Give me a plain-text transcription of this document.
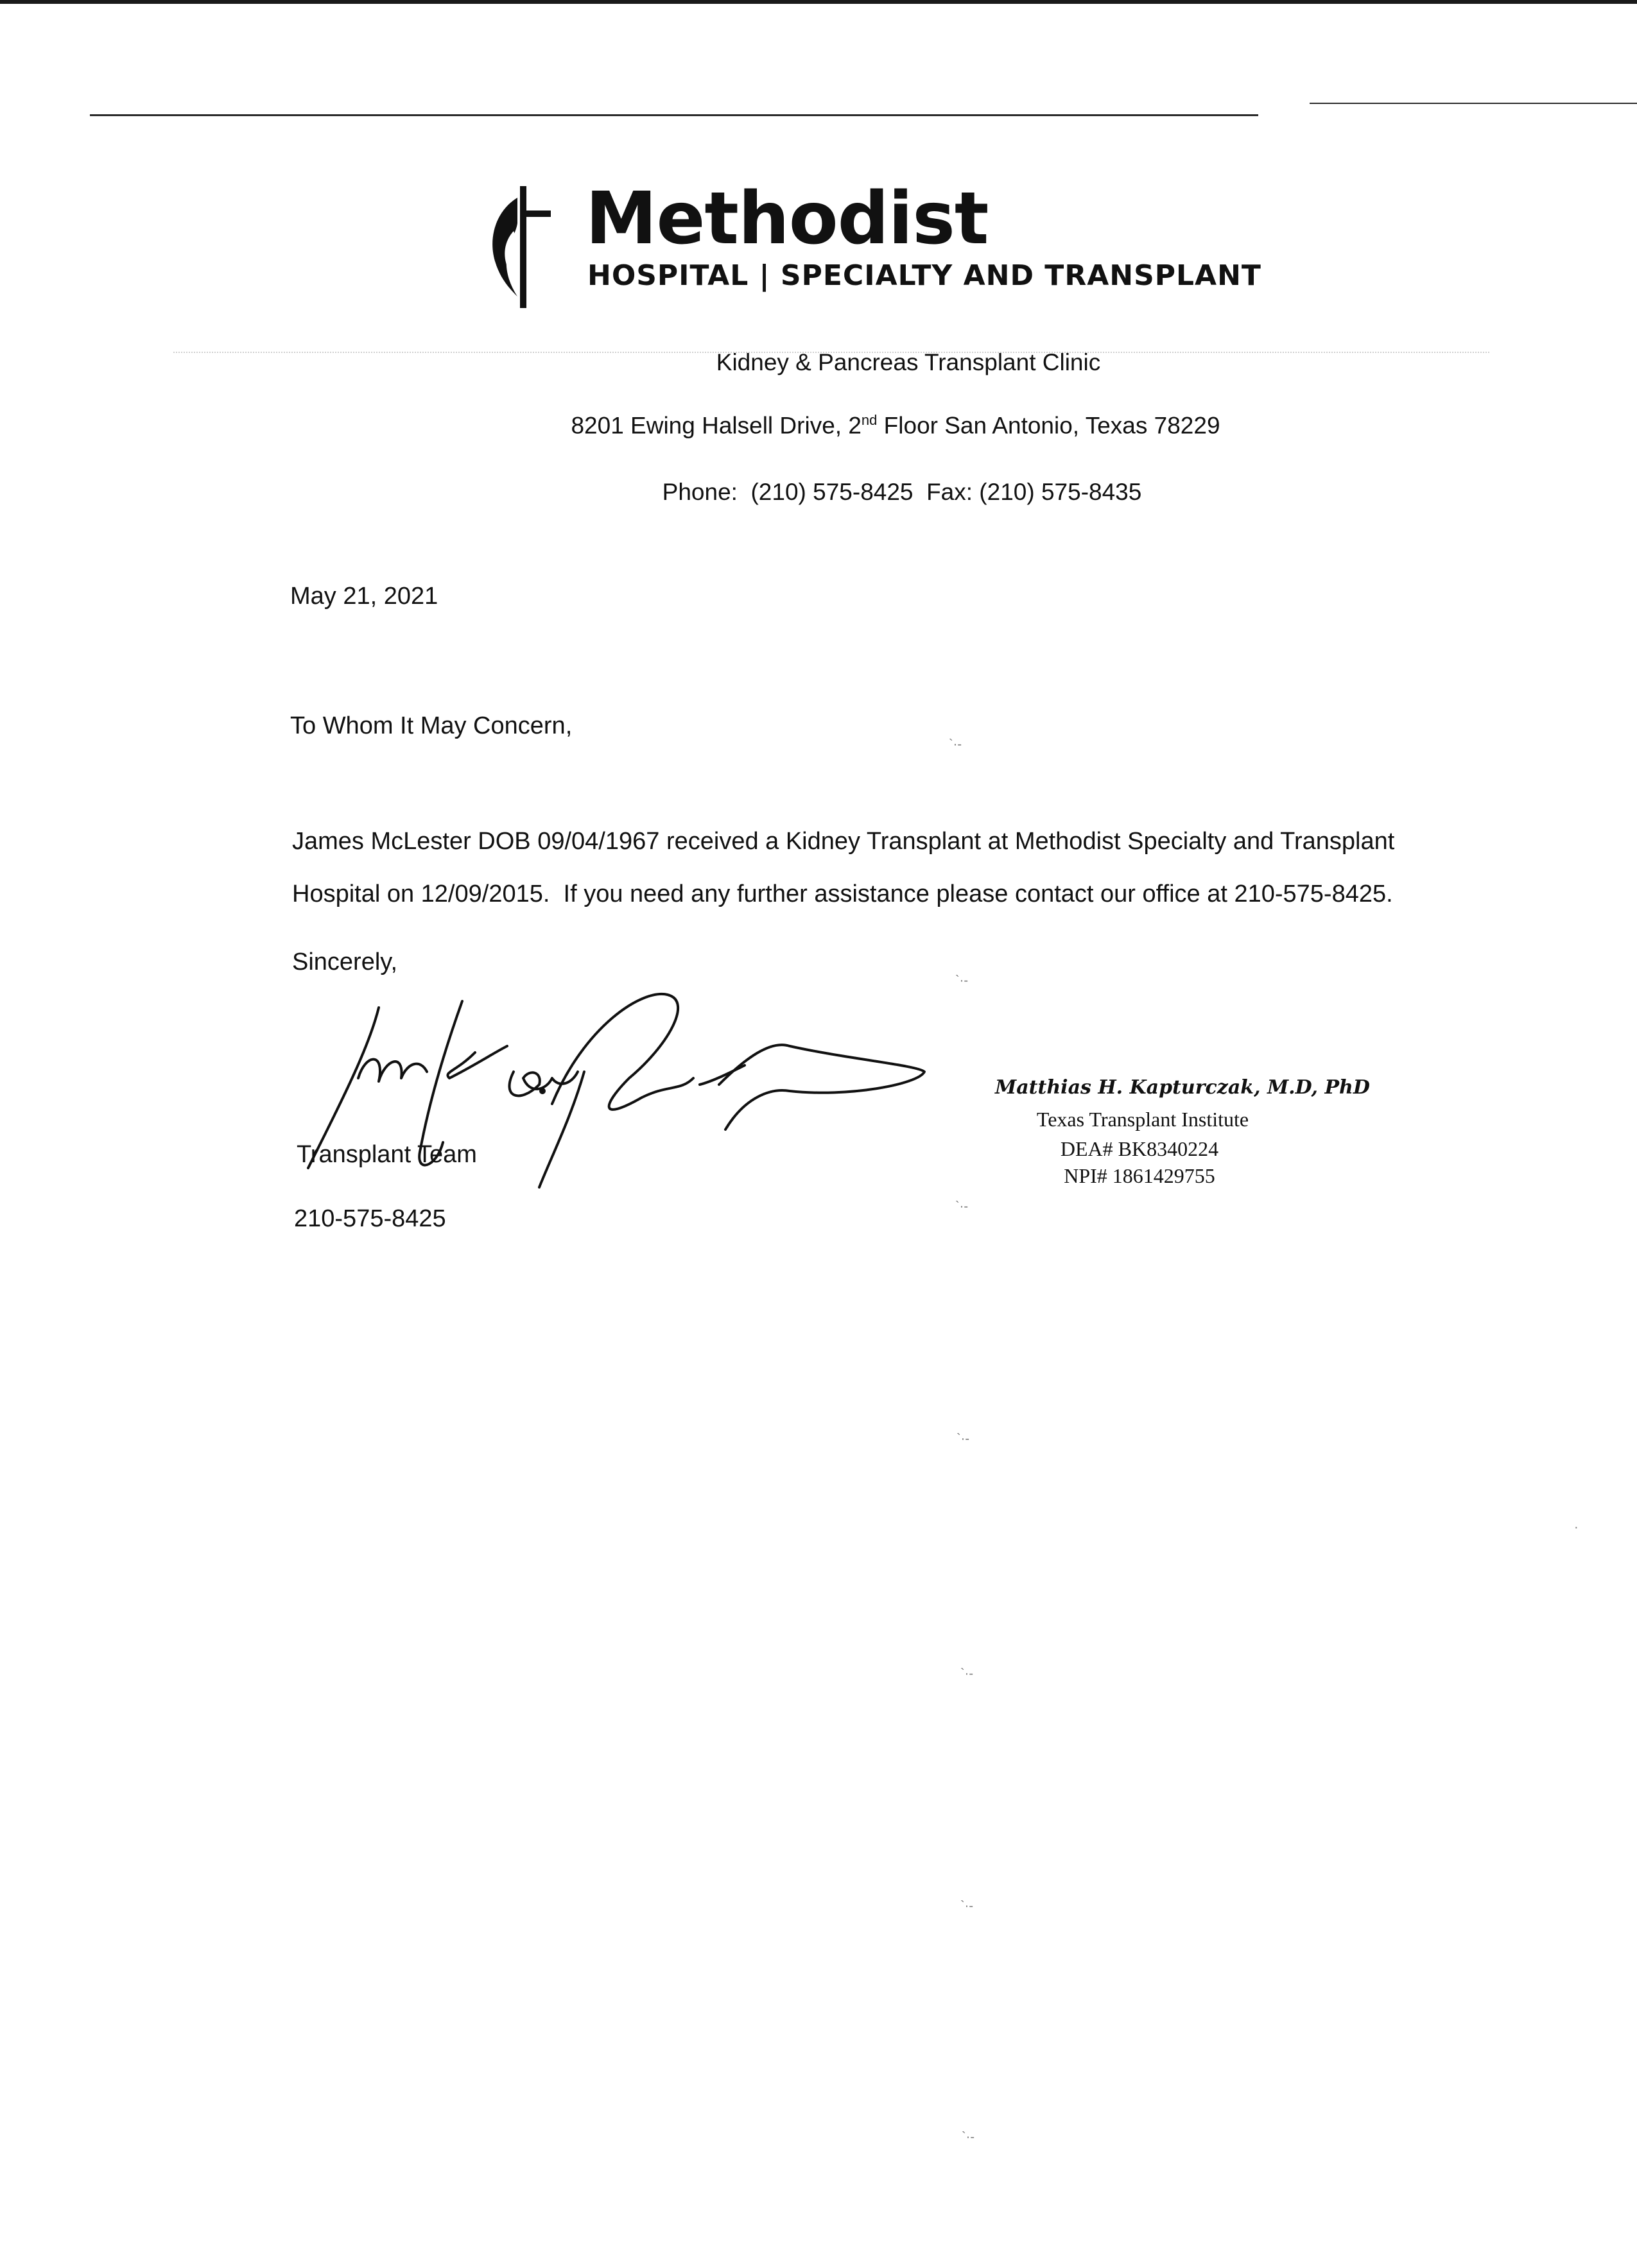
Methodist
HOSPITAL | SPECIALTY AND TRANSPLANT
Kidney & Pancreas Transplant Clinic
8201 Ewing Halsell Drive, 2nd Floor San Antonio, Texas 78229
Phone:  (210) 575-8425  Fax: (210) 575-8435
May 21, 2021
To Whom It May Concern,
James McLester DOB 09/04/1967 received a Kidney Transplant at Methodist Specialty and Transplant
Hospital on 12/09/2015.  If you need any further assistance please contact our office at 210-575-8425.
Sincerely,
Transplant Team
210-575-8425
Matthias H. Kapturczak, M.D, PhD
Texas Transplant Institute
DEA# BK8340224
NPI# 1861429755
`·-
`·-
`·-
`·-
`·-
`·-
`·-
·
